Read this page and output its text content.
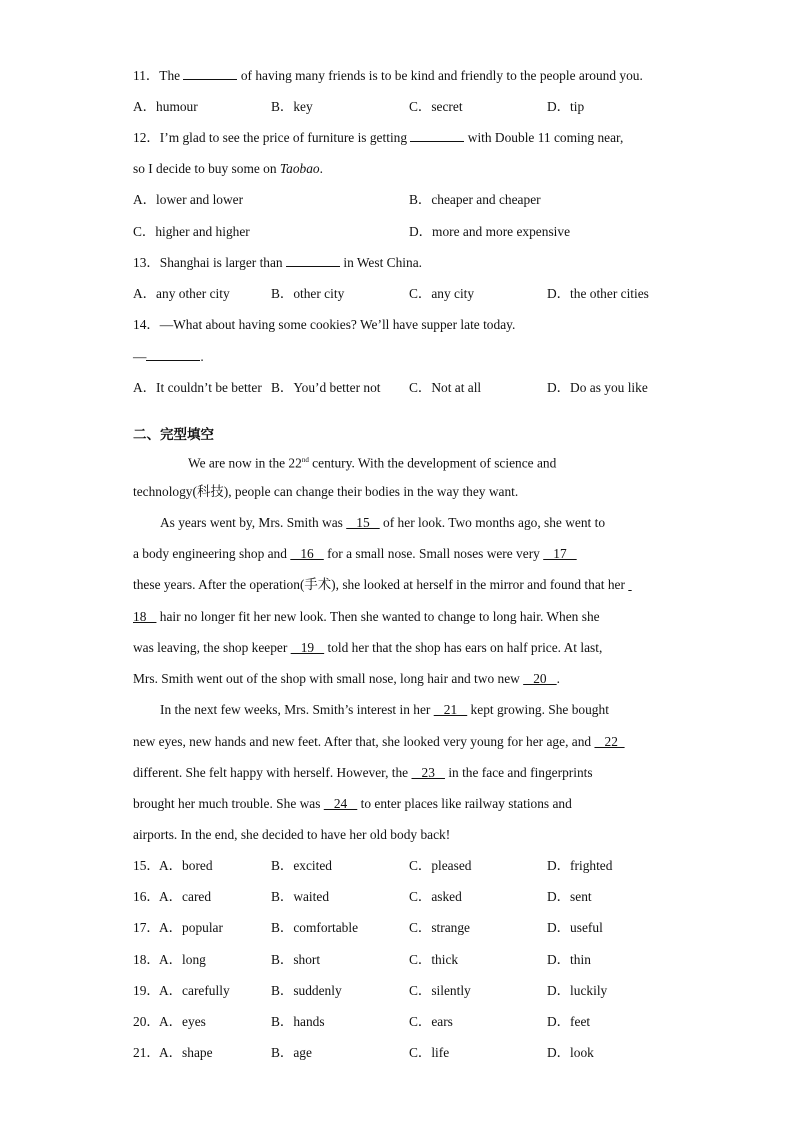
11．The	of having many friends is to be kind and friendly to the people around you.
A．humour	B．key	C．secret	D．tip
12．I’m glad to see the price of furniture is getting	with Double 11 coming near,
so I decide to buy some on Taobao.
A．lower and lower	B．cheaper and cheaper
C．higher and higher	D．more and more expensive
13．Shanghai is larger than	in West China.
A．any other city	B．other city	C．any city	D．the other cities
14．—What about having some cookies? We’ll have supper late today.
—	.
A．It couldn’t be better B．You’d better not C．Not at all	D．Do as you like
二、完型填空
We are now in the 22nd century. With the development of science and
technology(科技), people can change their bodies in the way they want.
As years went by, Mrs. Smith was    15    of her look. Two months ago, she went to
a body engineering shop and    16    for a small nose. Small noses were very    17
these years. After the operation(手术), she looked at herself in the mirror and found that her
18    hair no longer fit her new look. Then she wanted to change to long hair. When she
was leaving, the shop keeper    19    told her that the shop has ears on half price. At last,
Mrs. Smith went out of the shop with small nose, long hair and two new    20   .
In the next few weeks, Mrs. Smith’s interest in her    21    kept growing. She bought
new eyes, new hands and new feet. After that, she looked very young for her age, and    22
different. She felt happy with herself. However, the    23    in the face and fingerprints
brought her much trouble. She was    24    to enter places like railway stations and
airports. In the end, she decided to have her old body back!
15． A．bored	B．excited	C．pleased	D．frighted
16． A．cared	B．waited	C．asked	D．sent
17． A．popular	B．comfortable	C．strange	D．useful
18． A．long	B．short	C．thick	D．thin
19． A．carefully	B．suddenly	C．silently	D．luckily
20． A．eyes	B．hands	C．ears	D．feet
21． A．shape	B．age	C．life	D．look
